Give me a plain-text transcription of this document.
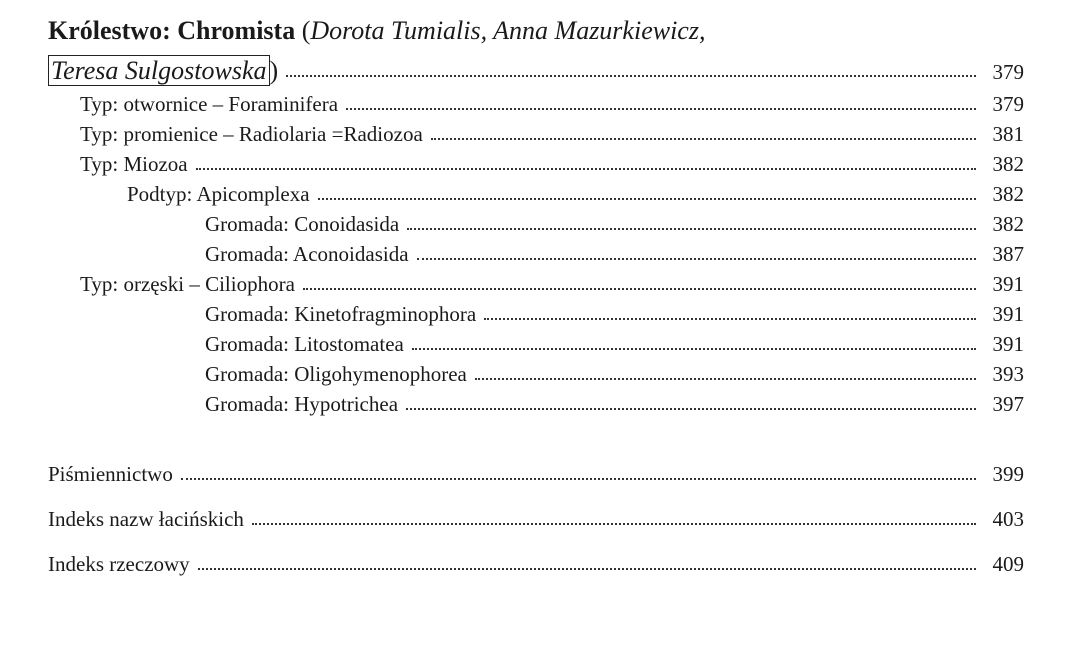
Królestwo: Chromista (Dorota Tumialis, Anna Mazurkiewicz,
Teresa Sulgostowska )	379
Typ: otwornice – Foraminifera	379
Typ: promienice – Radiolaria =Radiozoa	381
Typ: Miozoa	382
Podtyp: Apicomplexa	382
Gromada: Conoidasida	382
Gromada: Aconoidasida	387
Typ: orzęski – Ciliophora	391
Gromada: Kinetofragminophora	391
Gromada: Litostomatea	391
Gromada: Oligohymenophorea	393
Gromada: Hypotrichea	397
Piśmiennictwo	399
Indeks nazw łacińskich	403
Indeks rzeczowy	409
